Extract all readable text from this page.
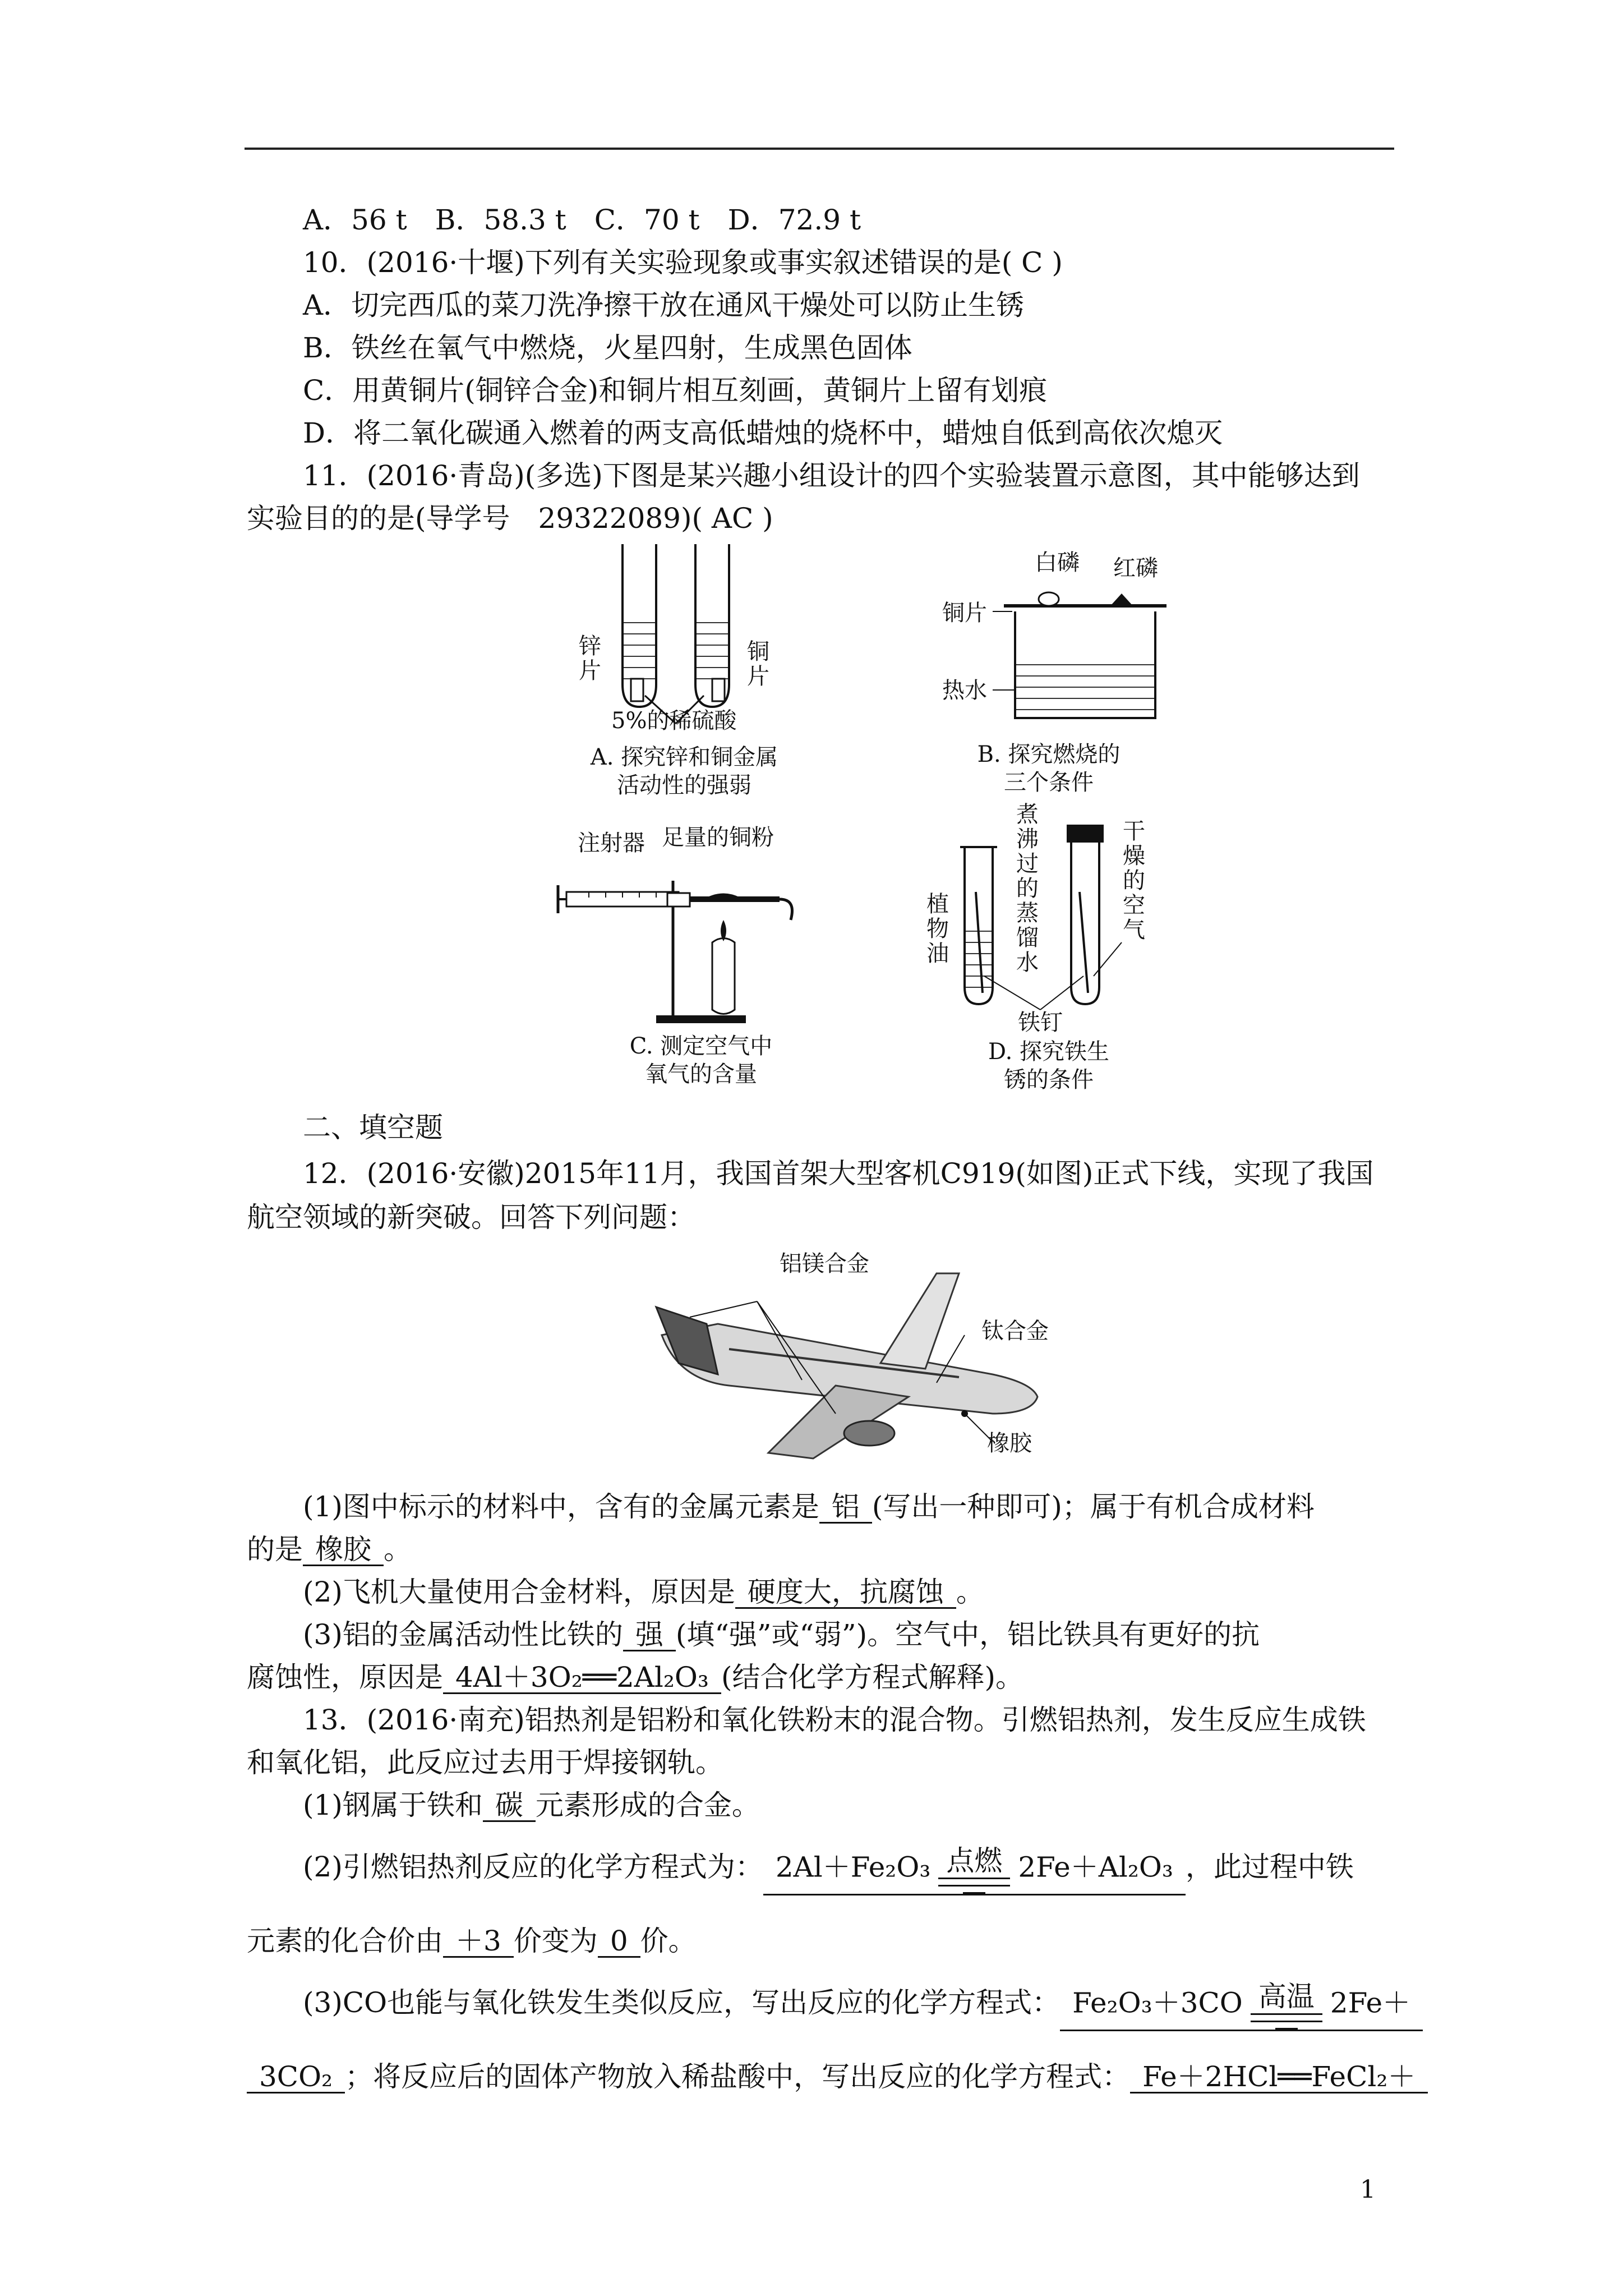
A．56 t　B．58.3 t　C．70 t　D．72.9 t
10．(2016·十堰)下列有关实验现象或事实叙述错误的是( C )
A．切完西瓜的菜刀洗净擦干放在通风干燥处可以防止生锈
B．铁丝在氧气中燃烧，火星四射，生成黑色固体
C．用黄铜片(铜锌合金)和铜片相互刻画，黄铜片上留有划痕
D．将二氧化碳通入燃着的两支高低蜡烛的烧杯中，蜡烛自低到高依次熄灭
11．(2016·青岛)(多选)下图是某兴趣小组设计的四个实验装置示意图，其中能够达到
实验目的的是(导学号　29322089)( AC )
锌片
铜片
5%的稀硫酸
A. 探究锌和铜金属
活动性的强弱
白磷 红磷
铜片
热水
B. 探究燃烧的
三个条件
注射器 足量的铜粉
C. 测定空气中
氧气的含量
植物油
煮沸过的蒸馏水
干燥的空气
铁钉
D. 探究铁生
锈的条件
二、填空题
12．(2016·安徽)2015年11月，我国首架大型客机C919(如图)正式下线，实现了我国
航空领域的新突破。回答下列问题：
铝镁合金
钛合金
橡胶
(1)图中标示的材料中，含有的金属元素是 铝 (写出一种即可)；属于有机合成材料
的是 橡胶 。
(2)飞机大量使用合金材料，原因是 硬度大，抗腐蚀 。
(3)铝的金属活动性比铁的 强 (填“强”或“弱”)。空气中，铝比铁具有更好的抗
腐蚀性，原因是 4Al＋3O₂══2Al₂O₃ (结合化学方程式解释)。
13．(2016·南充)铝热剂是铝粉和氧化铁粉末的混合物。引燃铝热剂，发生反应生成铁
和氧化铝，此反应过去用于焊接钢轨。
(1)钢属于铁和 碳 元素形成的合金。
(2)引燃铝热剂反应的化学方程式为： 2Al＋Fe₂O₃ 点燃 2Fe＋Al₂O₃ ，此过程中铁
元素的化合价由 ＋3 价变为 0 价。
(3)CO也能与氧化铁发生类似反应，写出反应的化学方程式： Fe₂O₃＋3CO 高温 2Fe＋
3CO₂ ；将反应后的固体产物放入稀盐酸中，写出反应的化学方程式： Fe＋2HCl══FeCl₂＋
1
